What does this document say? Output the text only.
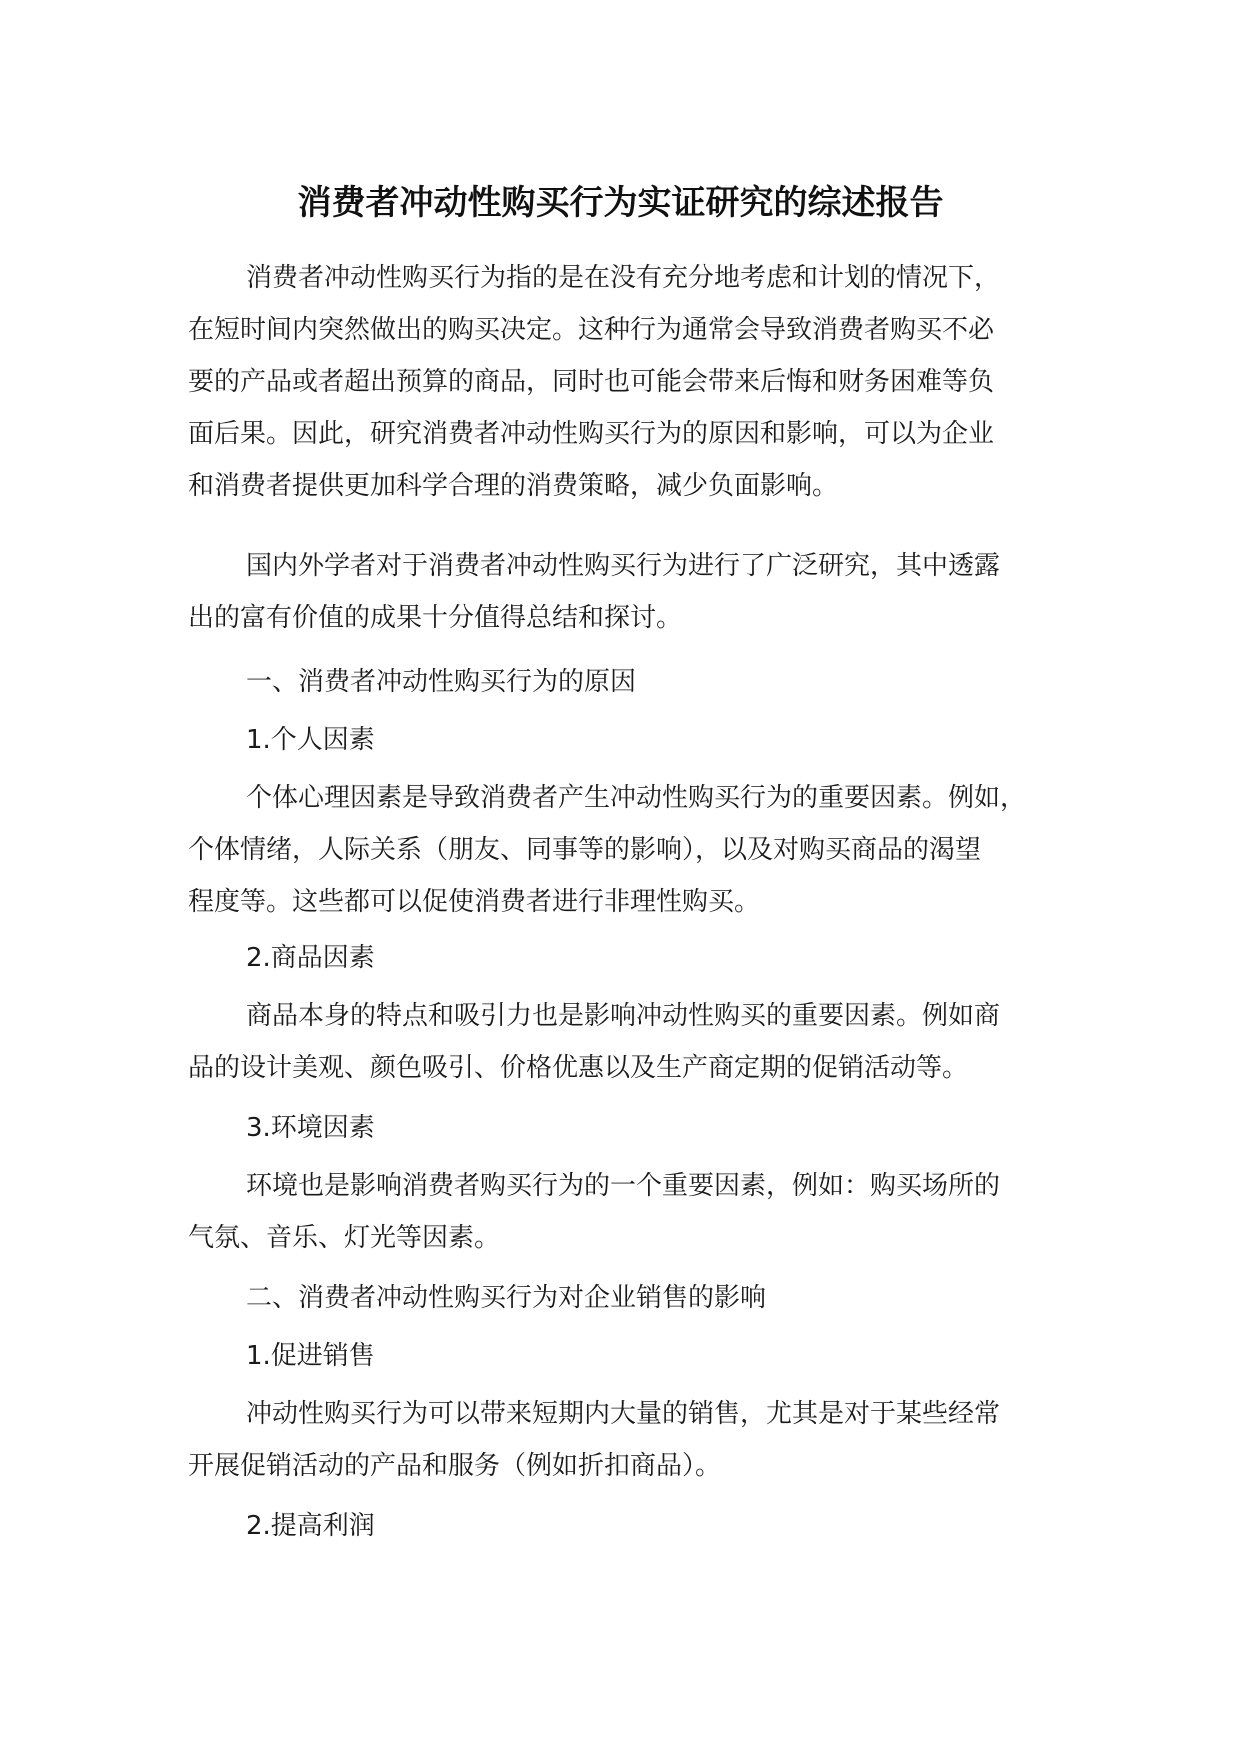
消费者冲动性购买行为实证研究的综述报告
消费者冲动性购买行为指的是在没有充分地考虑和计划的情况下，
在短时间内突然做出的购买决定。这种行为通常会导致消费者购买不必
要的产品或者超出预算的商品，同时也可能会带来后悔和财务困难等负
面后果。因此，研究消费者冲动性购买行为的原因和影响，可以为企业
和消费者提供更加科学合理的消费策略，减少负面影响。
国内外学者对于消费者冲动性购买行为进行了广泛研究，其中透露
出的富有价值的成果十分值得总结和探讨。

一、消费者冲动性购买行为的原因

1.个人因素

个体心理因素是导致消费者产生冲动性购买行为的重要因素。例如，
个体情绪，人际关系（朋友、同事等的影响），以及对购买商品的渴望
程度等。这些都可以促使消费者进行非理性购买。

2.商品因素

商品本身的特点和吸引力也是影响冲动性购买的重要因素。例如商
品的设计美观、颜色吸引、价格优惠以及生产商定期的促销活动等。

3.环境因素

环境也是影响消费者购买行为的一个重要因素，例如：购买场所的
气氛、音乐、灯光等因素。

二、消费者冲动性购买行为对企业销售的影响

1.促进销售

冲动性购买行为可以带来短期内大量的销售，尤其是对于某些经常
开展促销活动的产品和服务（例如折扣商品）。

2.提高利润
